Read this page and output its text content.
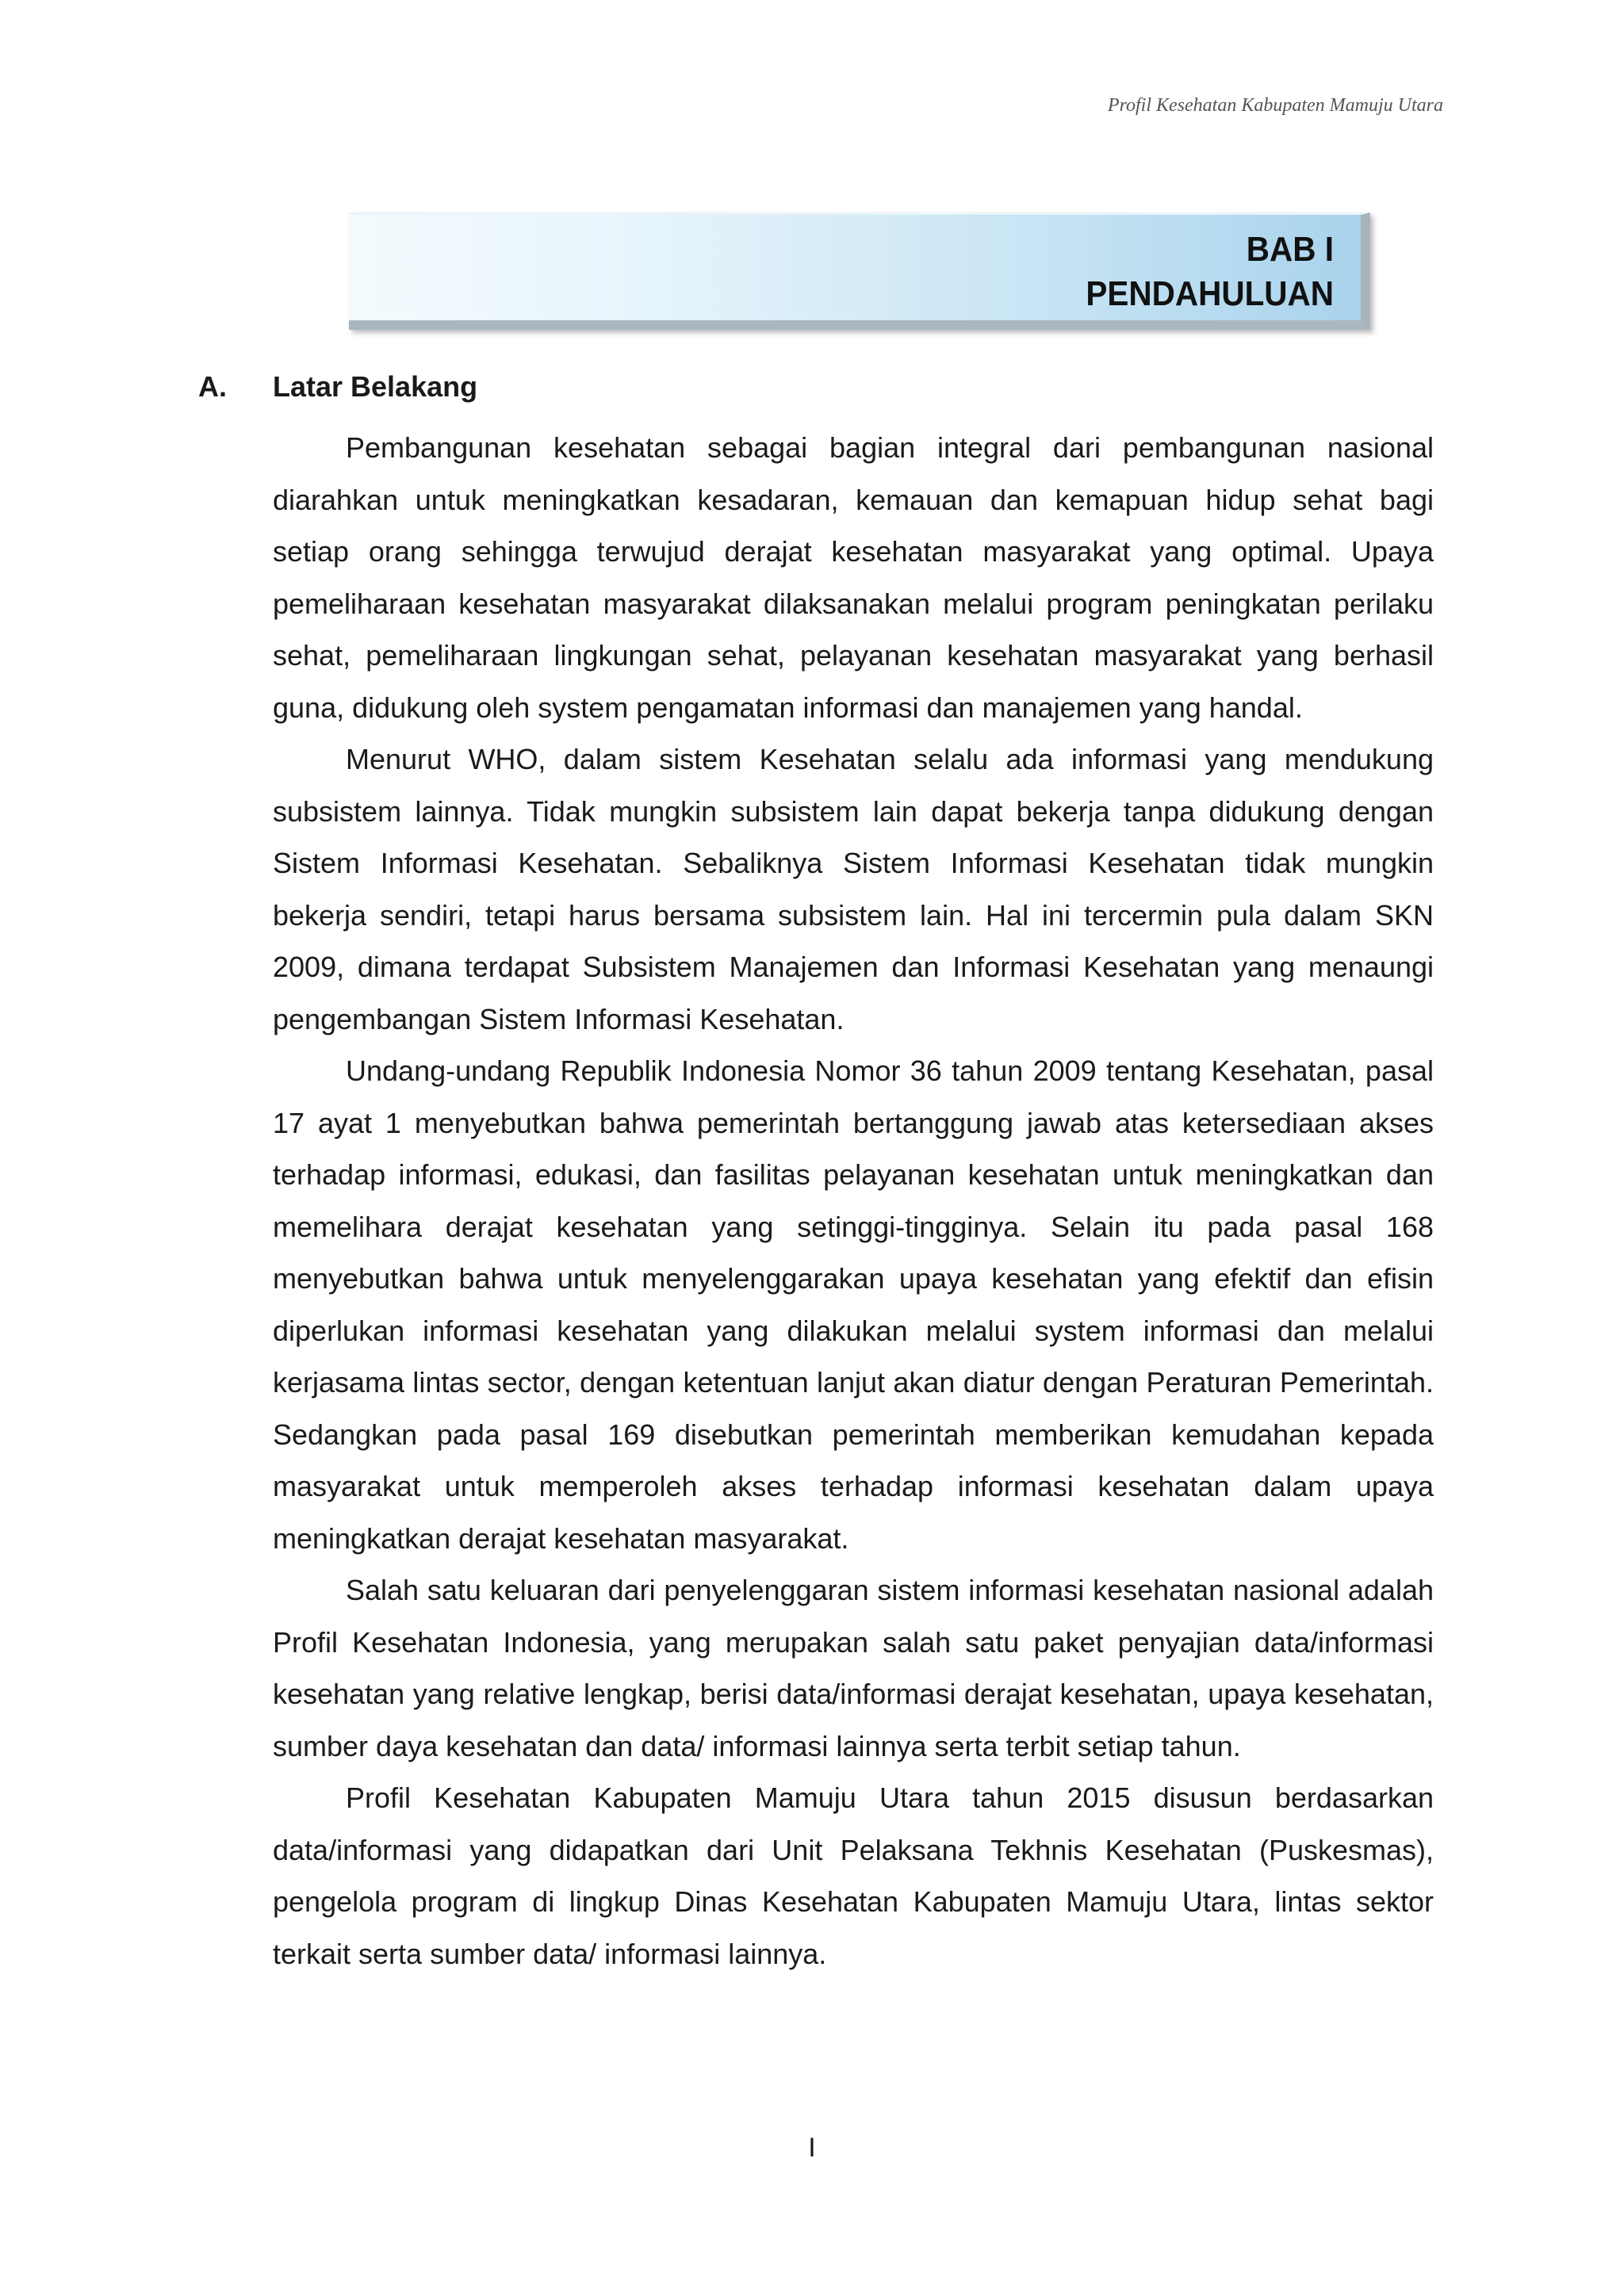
Profil Kesehatan Kabupaten Mamuju Utara
BAB I
PENDAHULUAN
A. Latar Belakang

Pembangunan kesehatan sebagai bagian integral dari pembangunan nasional diarahkan untuk meningkatkan kesadaran, kemauan dan kemapuan hidup sehat bagi setiap orang sehingga terwujud derajat kesehatan masyarakat yang optimal. Upaya pemeliharaan kesehatan masyarakat dilaksanakan melalui program peningkatan perilaku sehat, pemeliharaan lingkungan sehat, pelayanan kesehatan masyarakat yang berhasil guna, didukung oleh system pengamatan informasi dan manajemen yang handal.

Menurut WHO, dalam sistem Kesehatan selalu ada informasi yang mendukung subsistem lainnya. Tidak mungkin subsistem lain dapat bekerja tanpa didukung dengan Sistem Informasi Kesehatan. Sebaliknya Sistem Informasi Kesehatan tidak mungkin bekerja sendiri, tetapi harus bersama subsistem lain. Hal ini tercermin pula dalam SKN 2009, dimana terdapat Subsistem Manajemen dan Informasi Kesehatan yang menaungi pengembangan Sistem Informasi Kesehatan.

Undang-undang Republik Indonesia Nomor 36 tahun 2009 tentang Kesehatan, pasal 17 ayat 1 menyebutkan bahwa pemerintah bertanggung jawab atas ketersediaan akses terhadap informasi, edukasi, dan fasilitas pelayanan kesehatan untuk meningkatkan dan memelihara derajat kesehatan yang setinggi-tingginya. Selain itu pada pasal 168 menyebutkan bahwa untuk menyelenggarakan upaya kesehatan yang efektif dan efisin diperlukan informasi kesehatan yang dilakukan melalui system informasi dan melalui kerjasama lintas sector, dengan ketentuan lanjut akan diatur dengan Peraturan Pemerintah. Sedangkan pada pasal 169 disebutkan pemerintah memberikan kemudahan kepada masyarakat untuk memperoleh akses terhadap informasi kesehatan dalam upaya meningkatkan derajat kesehatan masyarakat.

Salah satu keluaran dari penyelenggaran sistem informasi kesehatan nasional adalah Profil Kesehatan Indonesia, yang merupakan salah satu paket penyajian data/informasi kesehatan yang relative lengkap, berisi data/informasi derajat kesehatan, upaya kesehatan, sumber daya kesehatan dan data/ informasi lainnya serta terbit setiap tahun.

Profil Kesehatan Kabupaten Mamuju Utara tahun 2015 disusun berdasarkan data/informasi yang didapatkan dari Unit Pelaksana Tekhnis Kesehatan (Puskesmas), pengelola program di lingkup Dinas Kesehatan Kabupaten Mamuju Utara, lintas sektor terkait serta sumber data/ informasi lainnya.

I
